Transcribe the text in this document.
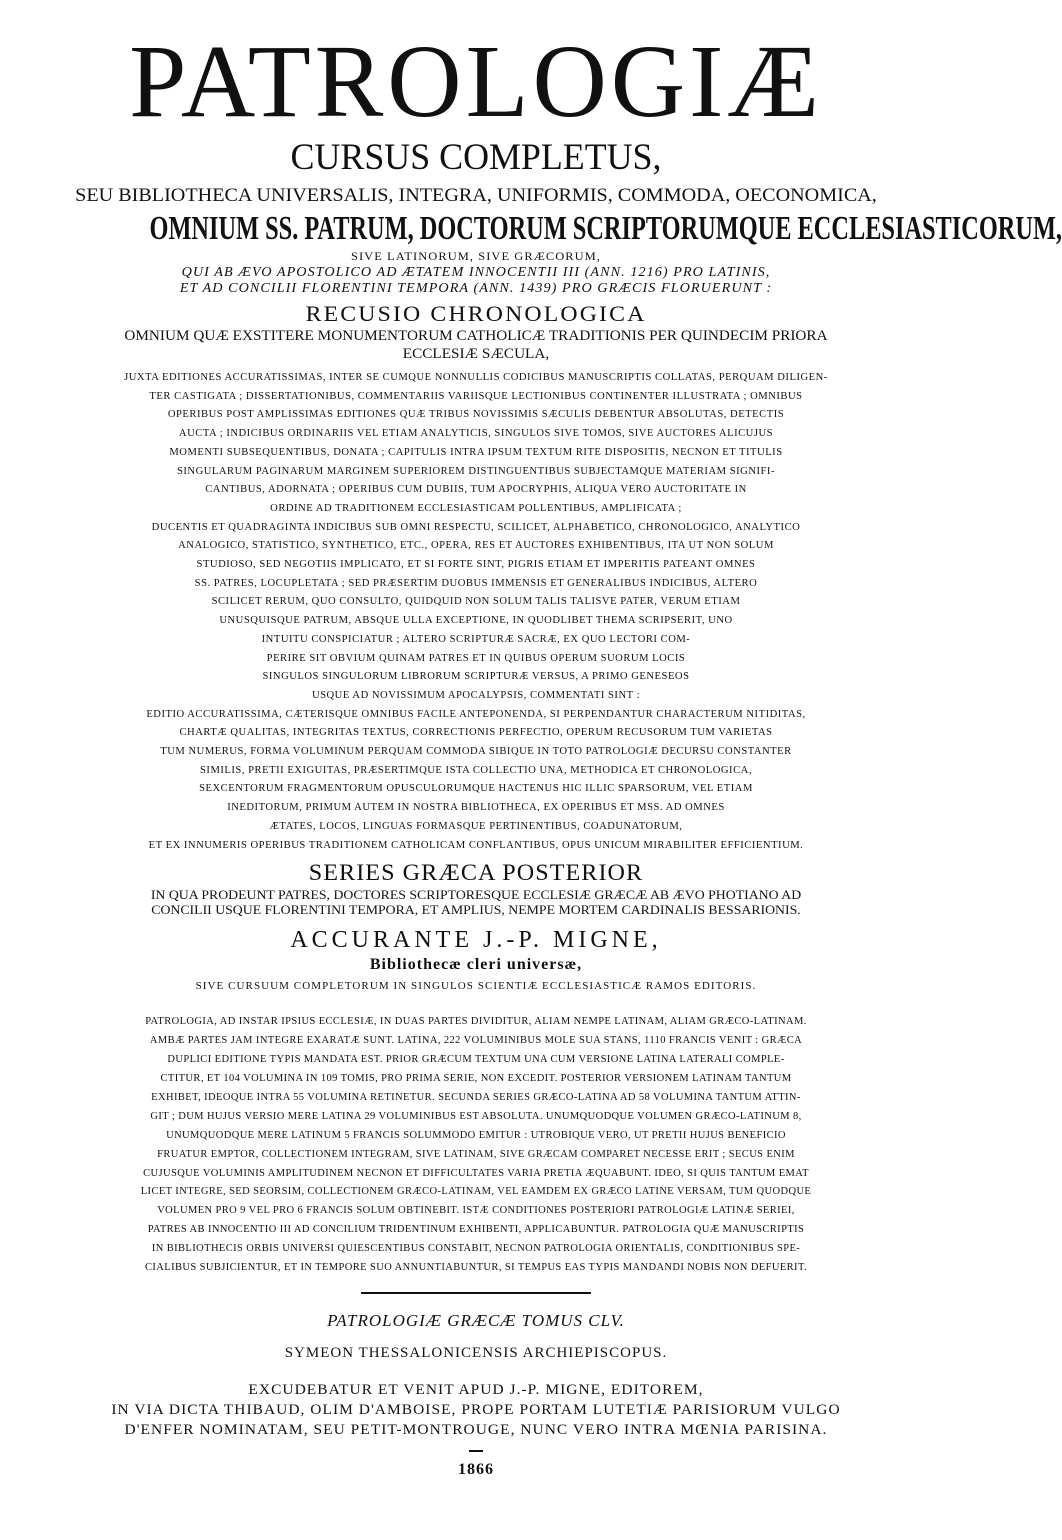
PATROLOGIÆ
CURSUS COMPLETUS,
SEU BIBLIOTHECA UNIVERSALIS, INTEGRA, UNIFORMIS, COMMODA, OECONOMICA,
OMNIUM SS. PATRUM, DOCTORUM SCRIPTORUMQUE ECCLESIASTICORUM,
SIVE LATINORUM, SIVE GRÆCORUM,
QUI AB ÆVO APOSTOLICO AD ÆTATEM INNOCENTII III (ANN. 1216) PRO LATINIS,
ET AD CONCILII FLORENTINI TEMPORA (ANN. 1439) PRO GRÆCIS FLORUERUNT :
RECUSIO CHRONOLOGICA
OMNIUM QUÆ EXSTITERE MONUMENTORUM CATHOLICÆ TRADITIONIS PER QUINDECIM PRIORA
ECCLESIÆ SÆCULA,
JUXTA EDITIONES ACCURATISSIMAS, INTER SE CUMQUE NONNULLIS CODICIBUS MANUSCRIPTIS COLLATAS, PERQUAM DILIGEN-
TER CASTIGATA ; DISSERTATIONIBUS, COMMENTARIIS VARIISQUE LECTIONIBUS CONTINENTER ILLUSTRATA ; OMNIBUS
OPERIBUS POST AMPLISSIMAS EDITIONES QUÆ TRIBUS NOVISSIMIS SÆCULIS DEBENTUR ABSOLUTAS, DETECTIS
AUCTA ; INDICIBUS ORDINARIIS VEL ETIAM ANALYTICIS, SINGULOS SIVE TOMOS, SIVE AUCTORES ALICUJUS
MOMENTI SUBSEQUENTIBUS, DONATA ; CAPITULIS INTRA IPSUM TEXTUM RITE DISPOSITIS, NECNON ET TITULIS
SINGULARUM PAGINARUM MARGINEM SUPERIOREM DISTINGUENTIBUS SUBJECTAMQUE MATERIAM SIGNIFI-
CANTIBUS, ADORNATA ; OPERIBUS CUM DUBIIS, TUM APOCRYPHIS, ALIQUA VERO AUCTORITATE IN
ORDINE AD TRADITIONEM ECCLESIASTICAM POLLENTIBUS, AMPLIFICATA ;
DUCENTIS ET QUADRAGINTA INDICIBUS SUB OMNI RESPECTU, SCILICET, ALPHABETICO, CHRONOLOGICO, ANALYTICO
ANALOGICO, STATISTICO, SYNTHETICO, ETC., OPERA, RES ET AUCTORES EXHIBENTIBUS, ITA UT NON SOLUM
STUDIOSO, SED NEGOTIIS IMPLICATO, ET SI FORTE SINT, PIGRIS ETIAM ET IMPERITIS PATEANT OMNES
SS. PATRES, LOCUPLETATA ; SED PRÆSERTIM DUOBUS IMMENSIS ET GENERALIBUS INDICIBUS, ALTERO
SCILICET RERUM, QUO CONSULTO, QUIDQUID NON SOLUM TALIS TALISVE PATER, VERUM ETIAM
UNUSQUISQUE PATRUM, ABSQUE ULLA EXCEPTIONE, IN QUODLIBET THEMA SCRIPSERIT, UNO
INTUITU CONSPICIATUR ; ALTERO SCRIPTURÆ SACRÆ, EX QUO LECTORI COM-
PERIRE SIT OBVIUM QUINAM PATRES ET IN QUIBUS OPERUM SUORUM LOCIS
SINGULOS SINGULORUM LIBRORUM SCRIPTURÆ VERSUS, A PRIMO GENESEOS
USQUE AD NOVISSIMUM APOCALYPSIS, COMMENTATI SINT :
EDITIO ACCURATISSIMA, CÆTERISQUE OMNIBUS FACILE ANTEPONENDA, SI PERPENDANTUR CHARACTERUM NITIDITAS,
CHARTÆ QUALITAS, INTEGRITAS TEXTUS, CORRECTIONIS PERFECTIO, OPERUM RECUSORUM TUM VARIETAS
TUM NUMERUS, FORMA VOLUMINUM PERQUAM COMMODA SIBIQUE IN TOTO PATROLOGIÆ DECURSU CONSTANTER
SIMILIS, PRETII EXIGUITAS, PRÆSERTIMQUE ISTA COLLECTIO UNA, METHODICA ET CHRONOLOGICA,
SEXCENTORUM FRAGMENTORUM OPUSCULORUMQUE HACTENUS HIC ILLIC SPARSORUM, VEL ETIAM
INEDITORUM, PRIMUM AUTEM IN NOSTRA BIBLIOTHECA, EX OPERIBUS ET MSS. AD OMNES
ÆTATES, LOCOS, LINGUAS FORMASQUE PERTINENTIBUS, COADUNATORUM,
ET EX INNUMERIS OPERIBUS TRADITIONEM CATHOLICAM CONFLANTIBUS, OPUS UNICUM MIRABILITER EFFICIENTIUM.
SERIES GRÆCA POSTERIOR
IN QUA PRODEUNT PATRES, DOCTORES SCRIPTORESQUE ECCLESIÆ GRÆCÆ AB ÆVO PHOTIANO AD
CONCILII USQUE FLORENTINI TEMPORA, ET AMPLIUS, NEMPE MORTEM CARDINALIS BESSARIONIS.
ACCURANTE J.-P. MIGNE,
Bibliothecæ cleri universæ,
SIVE CURSUUM COMPLETORUM IN SINGULOS SCIENTIÆ ECCLESIASTICÆ RAMOS EDITORIS.
PATROLOGIA, AD INSTAR IPSIUS ECCLESIÆ, IN DUAS PARTES DIVIDITUR, ALIAM NEMPE LATINAM, ALIAM GRÆCO-LATINAM.
AMBÆ PARTES JAM INTEGRE EXARATÆ SUNT. LATINA, 222 VOLUMINIBUS MOLE SUA STANS, 1110 FRANCIS VENIT : GRÆCA
DUPLICI EDITIONE TYPIS MANDATA EST. PRIOR GRÆCUM TEXTUM UNA CUM VERSIONE LATINA LATERALI COMPLE-
CTITUR, ET 104 VOLUMINA IN 109 TOMIS, PRO PRIMA SERIE, NON EXCEDIT. POSTERIOR VERSIONEM LATINAM TANTUM
EXHIBET, IDEOQUE INTRA 55 VOLUMINA RETINETUR. SECUNDA SERIES GRÆCO-LATINA AD 58 VOLUMINA TANTUM ATTIN-
GIT ; DUM HUJUS VERSIO MERE LATINA 29 VOLUMINIBUS EST ABSOLUTA. UNUMQUODQUE VOLUMEN GRÆCO-LATINUM 8,
UNUMQUODQUE MERE LATINUM 5 FRANCIS SOLUMMODO EMITUR : UTROBIQUE VERO, UT PRETII HUJUS BENEFICIO
FRUATUR EMPTOR, COLLECTIONEM INTEGRAM, SIVE LATINAM, SIVE GRÆCAM COMPARET NECESSE ERIT ; SECUS ENIM
CUJUSQUE VOLUMINIS AMPLITUDINEM NECNON ET DIFFICULTATES VARIA PRETIA ÆQUABUNT. IDEO, SI QUIS TANTUM EMAT
LICET INTEGRE, SED SEORSIM, COLLECTIONEM GRÆCO-LATINAM, VEL EAMDEM EX GRÆCO LATINE VERSAM, TUM QUODQUE
VOLUMEN PRO 9 VEL PRO 6 FRANCIS SOLUM OBTINEBIT. ISTÆ CONDITIONES POSTERIORI PATROLOGIÆ LATINÆ SERIEI,
PATRES AB INNOCENTIO III AD CONCILIUM TRIDENTINUM EXHIBENTI, APPLICABUNTUR. PATROLOGIA QUÆ MANUSCRIPTIS
IN BIBLIOTHECIS ORBIS UNIVERSI QUIESCENTIBUS CONSTABIT, NECNON PATROLOGIA ORIENTALIS, CONDITIONIBUS SPE-
CIALIBUS SUBJICIENTUR, ET IN TEMPORE SUO ANNUNTIABUNTUR, SI TEMPUS EAS TYPIS MANDANDI NOBIS NON DEFUERIT.
PATROLOGIÆ GRÆCÆ TOMUS CLV.
SYMEON THESSALONICENSIS ARCHIEPISCOPUS.
EXCUDEBATUR ET VENIT APUD J.-P. MIGNE, EDITOREM,
IN VIA DICTA THIBAUD, OLIM D'AMBOISE, PROPE PORTAM LUTETIÆ PARISIORUM VULGO
D'ENFER NOMINATAM, SEU PETIT-MONTROUGE, NUNC VERO INTRA MŒNIA PARISINA.
1866
